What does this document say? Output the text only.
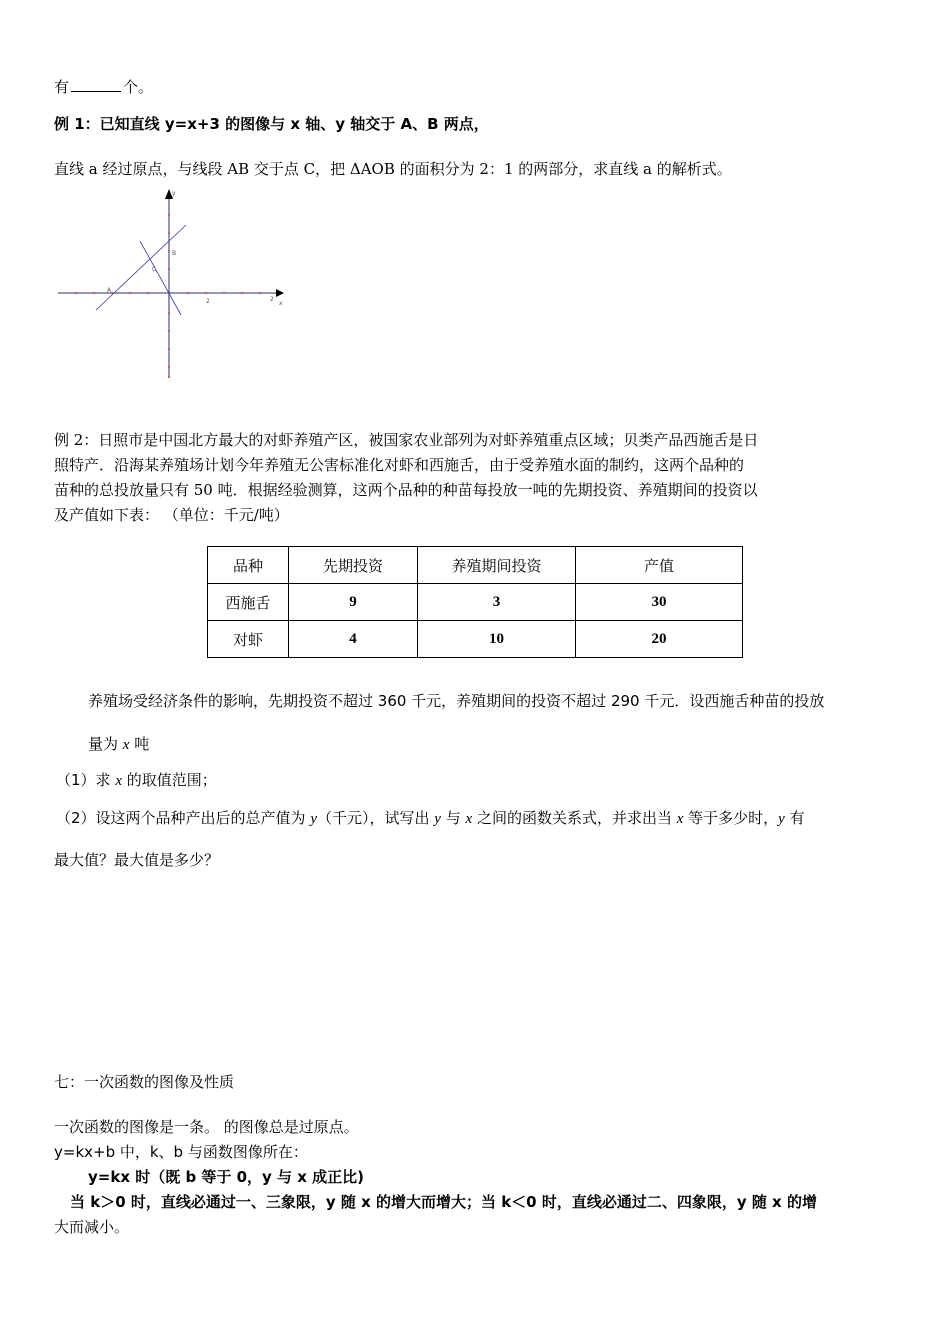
有	个。
例 1：已知直线 y=x+3 的图像与 x 轴、y 轴交于 A、B 两点，
直线 a 经过原点，与线段 AB 交于点 C，把 ΔAOB 的面积分为 2：1 的两部分，求直线 a 的解析式。
y
x
A
B
C
2	2
例 2：日照市是中国北方最大的对虾养殖产区，被国家农业部列为对虾养殖重点区域；贝类产品西施舌是日
照特产．沿海某养殖场计划今年养殖无公害标准化对虾和西施舌，由于受养殖水面的制约，这两个品种的
苗种的总投放量只有 50 吨．根据经验测算，这两个品种的种苗每投放一吨的先期投资、养殖期间的投资以
及产值如下表： （单位：千元/吨）
品种	先期投资	养殖期间投资	产值
西施舌	9	3	30
对虾	4	10	20
养殖场受经济条件的影响，先期投资不超过 360 千元，养殖期间的投资不超过 290 千元．设西施舌种苗的投放
量为 x 吨
（1）求 x 的取值范围；
（2）设这两个品种产出后的总产值为 y（千元），试写出 y 与 x 之间的函数关系式，并求出当 x 等于多少时，y 有
最大值？最大值是多少？
七：一次函数的图像及性质
一次函数的图像是一条。 的图像总是过原点。
y=kx+b 中，k、b 与函数图像所在：
y=kx 时（既 b 等于 0，y 与 x 成正比)
当 k＞0 时，直线必通过一、三象限，y 随 x 的增大而增大；当 k＜0 时，直线必通过二、四象限，y 随 x 的增
大而减小。
